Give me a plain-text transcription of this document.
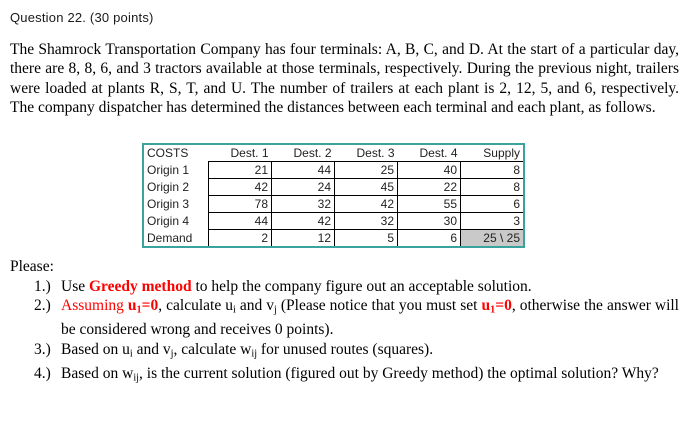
Question 22. (30 points)

The Shamrock Transportation Company has four terminals: A, B, C, and D. At the start of a particular day, there are 8, 8, 6, and 3 tractors available at those terminals, respectively. During the previous night, trailers were loaded at plants R, S, T, and U. The number of trailers at each plant is 2, 12, 5, and 6, respectively. The company dispatcher has determined the distances between each terminal and each plant, as follows.

COSTS	Dest. 1	Dest. 2	Dest. 3	Dest. 4	Supply
Origin 1	21	44	25	40	8
Origin 2	42	24	45	22	8
Origin 3	78	32	42	55	6
Origin 4	44	42	32	30	3
Demand	2	12	5	6	25 \ 25
Please:
1.) Use Greedy method to help the company figure out an acceptable solution.
2.) Assuming u1=0, calculate ui and vj (Please notice that you must set u1=0, otherwise the answer will be considered wrong and receives 0 points).
3.) Based on ui and vj, calculate wij for unused routes (squares).
4.) Based on wij, is the current solution (figured out by Greedy method) the optimal solution? Why?
